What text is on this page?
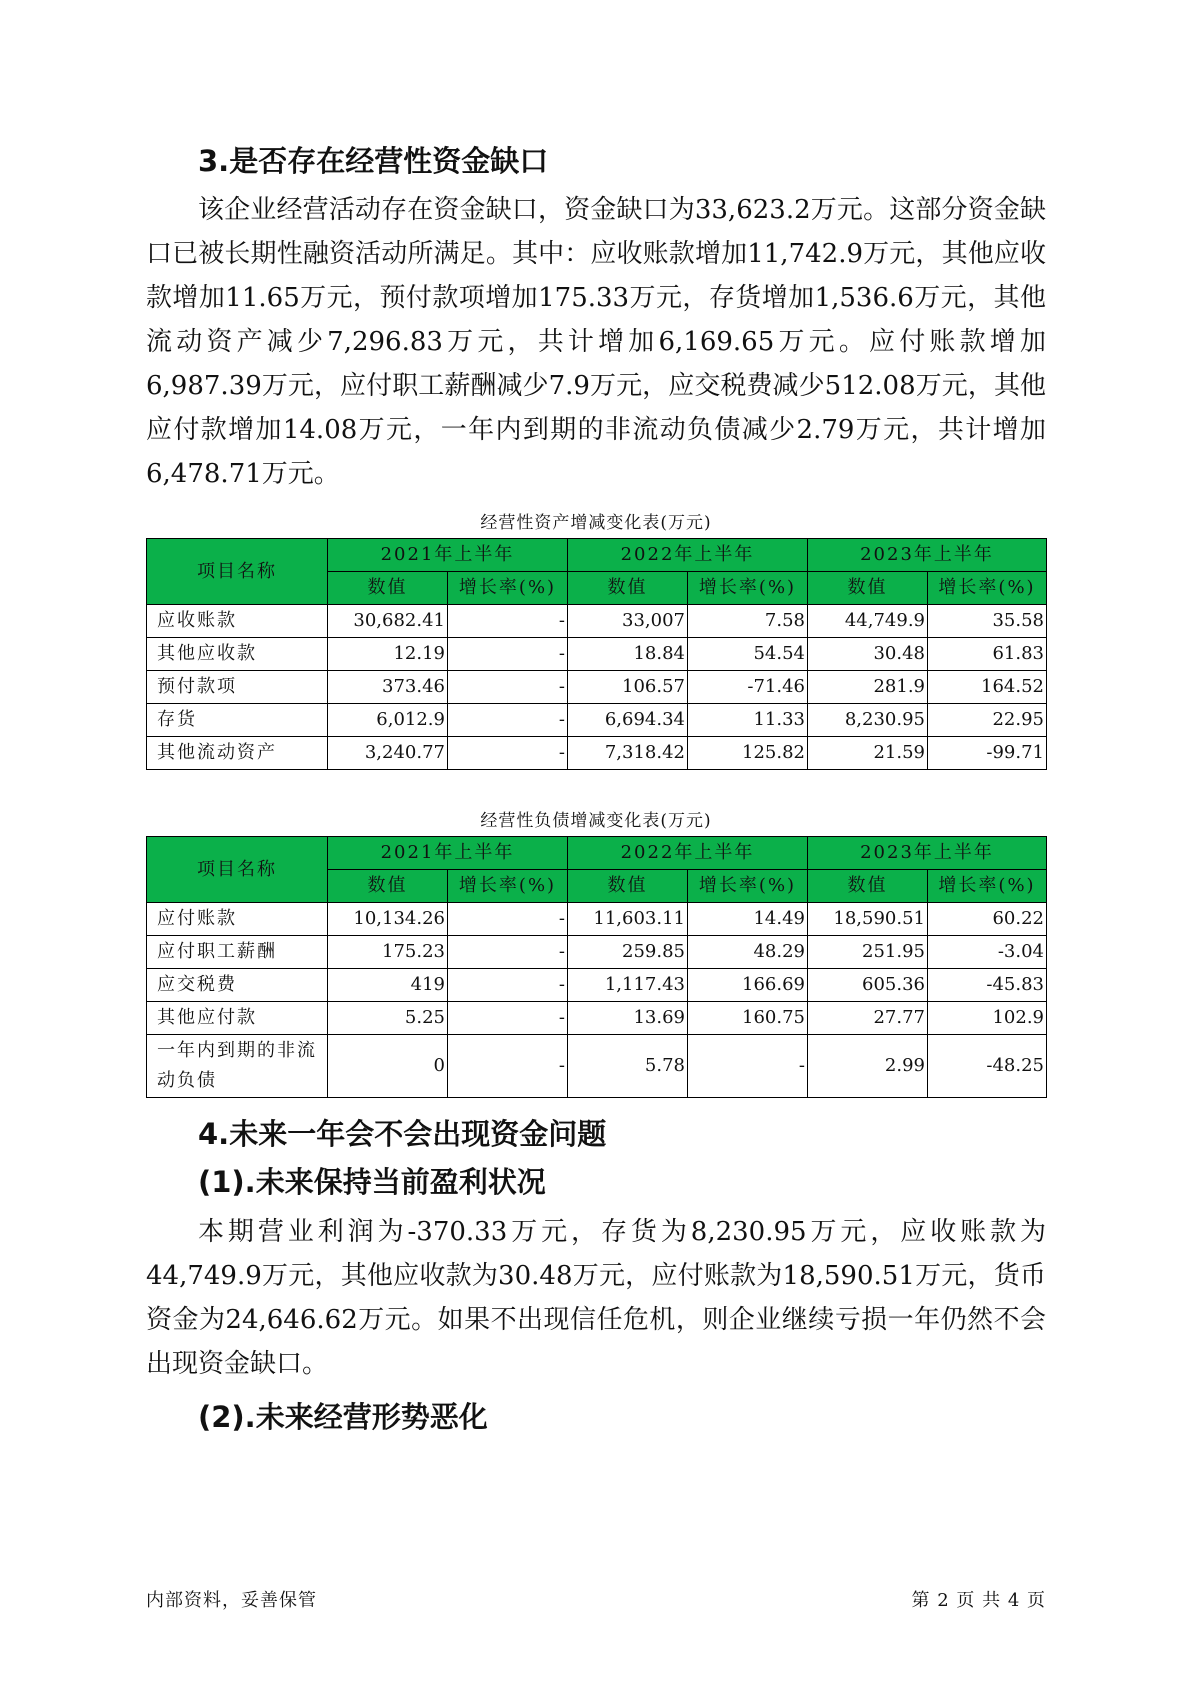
3.是否存在经营性资金缺口

该企业经营活动存在资金缺口，资金缺口为33,623.2万元。这部分资金缺口已被长期性融资活动所满足。其中：应收账款增加11,742.9万元，其他应收款增加11.65万元，预付款项增加175.33万元，存货增加1,536.6万元，其他流动资产减少7,296.83万元，共计增加6,169.65万元。应付账款增加6,987.39万元，应付职工薪酬减少7.9万元，应交税费减少512.08万元，其他应付款增加14.08万元，一年内到期的非流动负债减少2.79万元，共计增加6,478.71万元。

经营性资产增减变化表(万元)
项目名称	2021年上半年		2022年上半年		2023年上半年	
	数值	增长率(%)	数值	增长率(%)	数值	增长率(%)
应收账款	30,682.41	-	33,007	7.58	44,749.9	35.58
其他应收款	12.19	-	18.84	54.54	30.48	61.83
预付款项	373.46	-	106.57	-71.46	281.9	164.52
存货	6,012.9	-	6,694.34	11.33	8,230.95	22.95
其他流动资产	3,240.77	-	7,318.42	125.82	21.59	-99.71
经营性负债增减变化表(万元)
项目名称	2021年上半年		2022年上半年		2023年上半年	
	数值	增长率(%)	数值	增长率(%)	数值	增长率(%)
应付账款	10,134.26	-	11,603.11	14.49	18,590.51	60.22
应付职工薪酬	175.23	-	259.85	48.29	251.95	-3.04
应交税费	419	-	1,117.43	166.69	605.36	-45.83
其他应付款	5.25	-	13.69	160.75	27.77	102.9
一年内到期的非流动负债	0	-	5.78	-	2.99	-48.25
4.未来一年会不会出现资金问题
(1).未来保持当前盈利状况

本期营业利润为-370.33万元，存货为8,230.95万元，应收账款为44,749.9万元，其他应收款为30.48万元，应付账款为18,590.51万元，货币资金为24,646.62万元。如果不出现信任危机，则企业继续亏损一年仍然不会出现资金缺口。

(2).未来经营形势恶化
内部资料，妥善保管	第 2 页 共 4 页
